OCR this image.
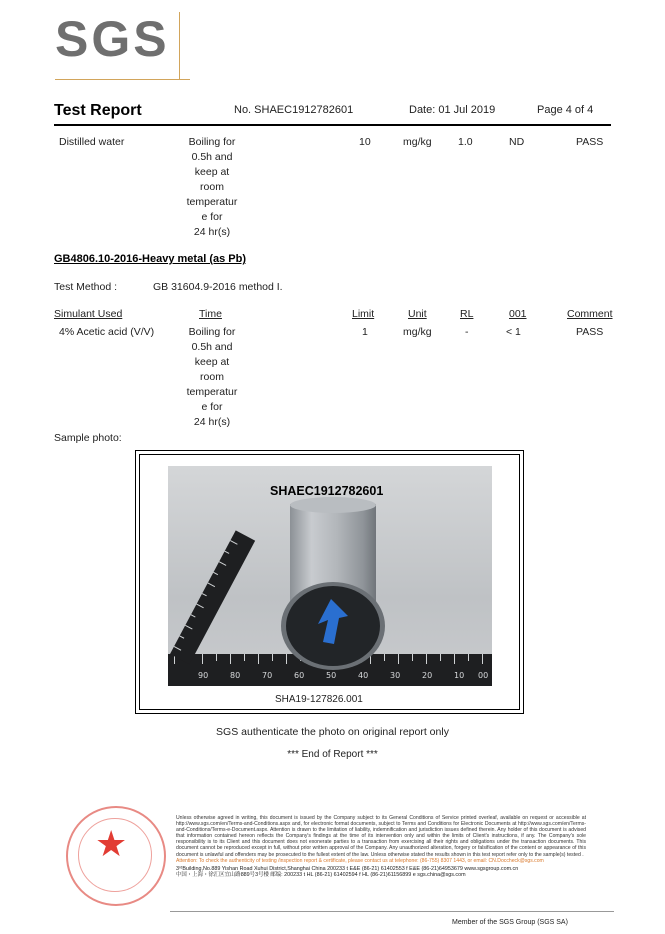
SGS
Test Report	No. SHAEC1912782601	Date: 01 Jul 2019	Page 4 of 4
Distilled water	Boiling for
0.5h and
keep at
room
temperatur
e for
24 hr(s)
10	mg/kg	1.0	ND	PASS
GB4806.10-2016-Heavy metal (as Pb)
Test Method :	GB 31604.9-2016 method I.
Simulant Used	Time	Limit	Unit	RL	001	Comment
4% Acetic acid (V/V)	Boiling for
0.5h and
keep at
room
temperatur
e for
24 hr(s)
1	mg/kg	-	< 1	PASS
Sample photo:
90	80	70	60	50	40	30	20	10 00
SHAEC1912782601
SHA19-127826.001
SGS authenticate the photo on original report only
*** End of Report ***
★
Unless otherwise agreed in writing, this document is issued by the Company subject to its General Conditions of Service printed overleaf, available on request or accessible at http://www.sgs.com/en/Terms-and-Conditions.aspx and, for electronic format documents, subject to Terms and Conditions for Electronic Documents at http://www.sgs.com/en/Terms-and-Conditions/Terms-e-Document.aspx. Attention is drawn to the limitation of liability, indemnification and jurisdiction issues defined therein. Any holder of this document is advised that information contained hereon reflects the Company's findings at the time of its intervention only and within the limits of Client's instructions, if any. The Company's sole responsibility is to its Client and this document does not exonerate parties to a transaction from exercising all their rights and obligations under the transaction documents. This document cannot be reproduced except in full, without prior written approval of the Company. Any unauthorized alteration, forgery or falsification of the content or appearance of this document is unlawful and offenders may be prosecuted to the fullest extent of the law. Unless otherwise stated the results shown in this test report refer only to the sample(s) tested .
Attention: To check the authenticity of testing /inspection report & certificate, please contact us at telephone: (86-755) 8307 1443, or email: CN.Doccheck@sgs.com
3ʳᵈBuilding,No.889 Yishan Road Xuhui District,Shanghai China 200233 t E&E (86-21) 61402553 f E&E (86-21)64953679 www.sgsgroup.com.cn
中国・上海・徐汇区宜山路889号3号楼 邮编: 200233 t HL (86-21) 61402594 f HL (86-21)61156899 e sgs.china@sgs.com
Member of the SGS Group (SGS SA)
